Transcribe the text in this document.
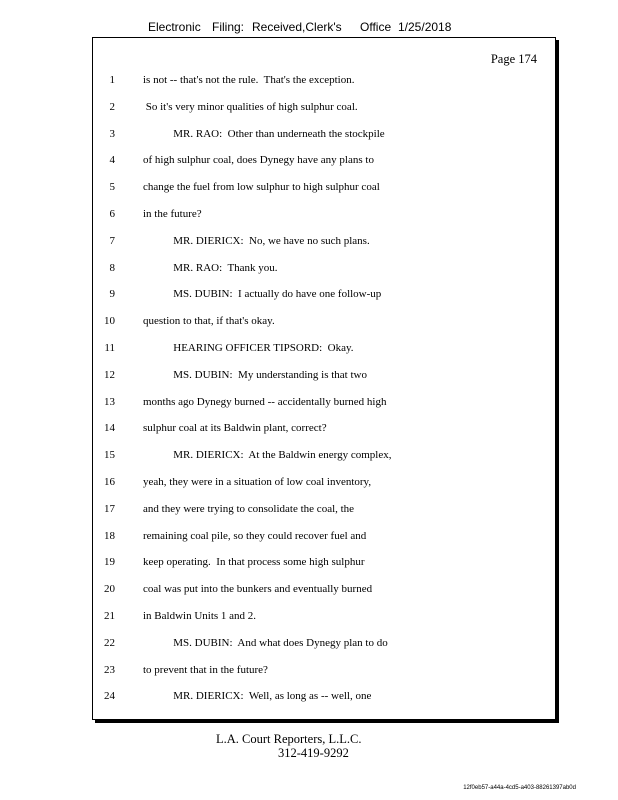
Electronic Filing: Received,Clerk's	Office 1/25/2018
Page 174
1	is not -- that's not the rule.  That's the exception.
2	So it's very minor qualities of high sulphur coal.
3	MR. RAO:  Other than underneath the stockpile
4	of high sulphur coal, does Dynegy have any plans to
5	change the fuel from low sulphur to high sulphur coal
6	in the future?
7	MR. DIERICX:  No, we have no such plans.
8	MR. RAO:  Thank you.
9	MS. DUBIN:  I actually do have one follow-up
10	question to that, if that's okay.
11	HEARING OFFICER TIPSORD:  Okay.
12	MS. DUBIN:  My understanding is that two
13	months ago Dynegy burned -- accidentally burned high
14	sulphur coal at its Baldwin plant, correct?
15	MR. DIERICX:  At the Baldwin energy complex,
16	yeah, they were in a situation of low coal inventory,
17	and they were trying to consolidate the coal, the
18	remaining coal pile, so they could recover fuel and
19	keep operating.  In that process some high sulphur
20	coal was put into the bunkers and eventually burned
21	in Baldwin Units 1 and 2.
22	MS. DUBIN:  And what does Dynegy plan to do
23	to prevent that in the future?
24	MR. DIERICX:  Well, as long as -- well, one
L.A. Court Reporters, L.L.C.
312-419-9292
12f0eb57-a44a-4cd5-a403-88261397ab0d
